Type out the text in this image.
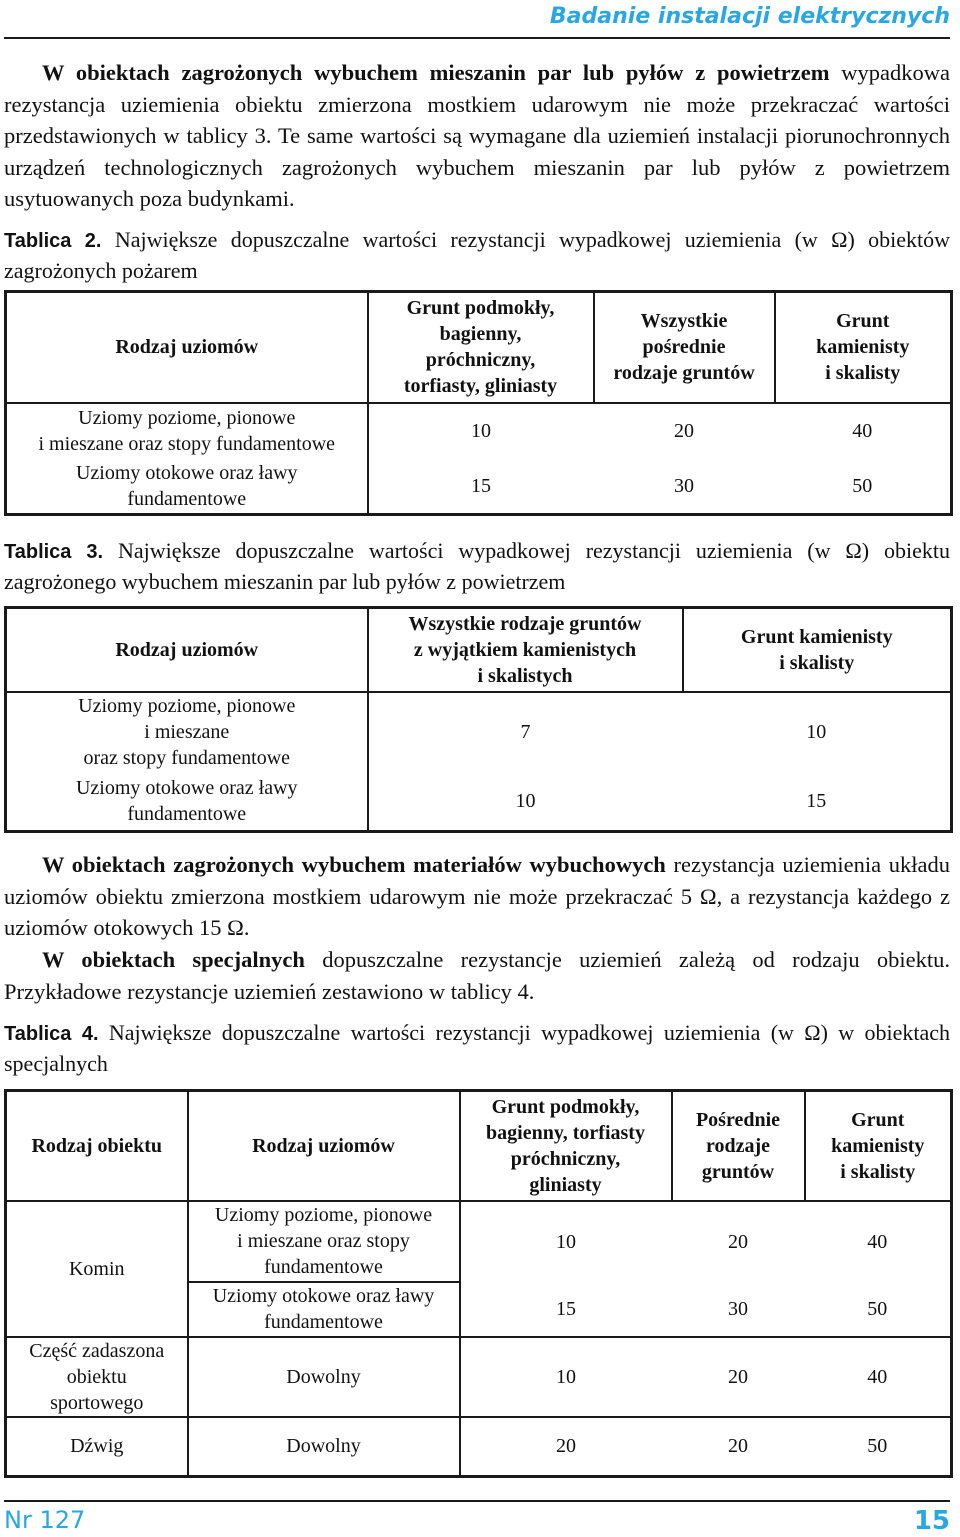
Badanie instalacji elektrycznych
W obiektach zagrożonych wybuchem mieszanin par lub pyłów z powietrzem wypadkowa rezystancja uziemienia obiektu zmierzona mostkiem udarowym nie może przekraczać wartości przedstawionych w tablicy 3. Te same wartości są wymagane dla uziemień instalacji piorunochronnych urządzeń technologicznych zagrożonych wybuchem mieszanin par lub pyłów z powietrzem usytuowanych poza budynkami.
Tablica 2. Największe dopuszczalne wartości rezystancji wypadkowej uziemienia (w Ω) obiektów zagrożonych pożarem
Rodzaj uziomów	Grunt podmokły,
bagienny,
próchniczny,
torfiasty, gliniasty	Wszystkie
pośrednie
rodzaje gruntów	Grunt
kamienisty
i skalisty
Uziomy poziome, pionowe
i mieszane oraz stopy fundamentowe	10	20	40
Uziomy otokowe oraz ławy
fundamentowe	15	30	50
Tablica 3. Największe dopuszczalne wartości wypadkowej rezystancji uziemienia (w Ω) obiektu zagrożonego wybuchem mieszanin par lub pyłów z powietrzem
Rodzaj uziomów	Wszystkie rodzaje gruntów
z wyjątkiem kamienistych
i skalistych	Grunt kamienisty
i skalisty
Uziomy poziome, pionowe
i mieszane
oraz stopy fundamentowe	7	10
Uziomy otokowe oraz ławy
fundamentowe	10	15
W obiektach zagrożonych wybuchem materiałów wybuchowych rezystancja uziemienia układu uziomów obiektu zmierzona mostkiem udarowym nie może przekraczać 5 Ω, a rezystancja każdego z uziomów otokowych 15 Ω.
W obiektach specjalnych dopuszczalne rezystancje uziemień zależą od rodzaju obiektu. Przykładowe rezystancje uziemień zestawiono w tablicy 4.
Tablica 4. Największe dopuszczalne wartości rezystancji wypadkowej uziemienia (w Ω) w obiektach specjalnych
Rodzaj obiektu	Rodzaj uziomów	Grunt podmokły,
bagienny, torfiasty
próchniczny,
gliniasty	Pośrednie
rodzaje
gruntów	Grunt
kamienisty
i skalisty
Komin	Uziomy poziome, pionowe
i mieszane oraz stopy
fundamentowe	10	20	40
	Uziomy otokowe oraz ławy
fundamentowe	15	30	50
Część zadaszona
obiektu
sportowego	Dowolny	10	20	40
Dźwig	Dowolny	20	20	50
Nr 127	15
